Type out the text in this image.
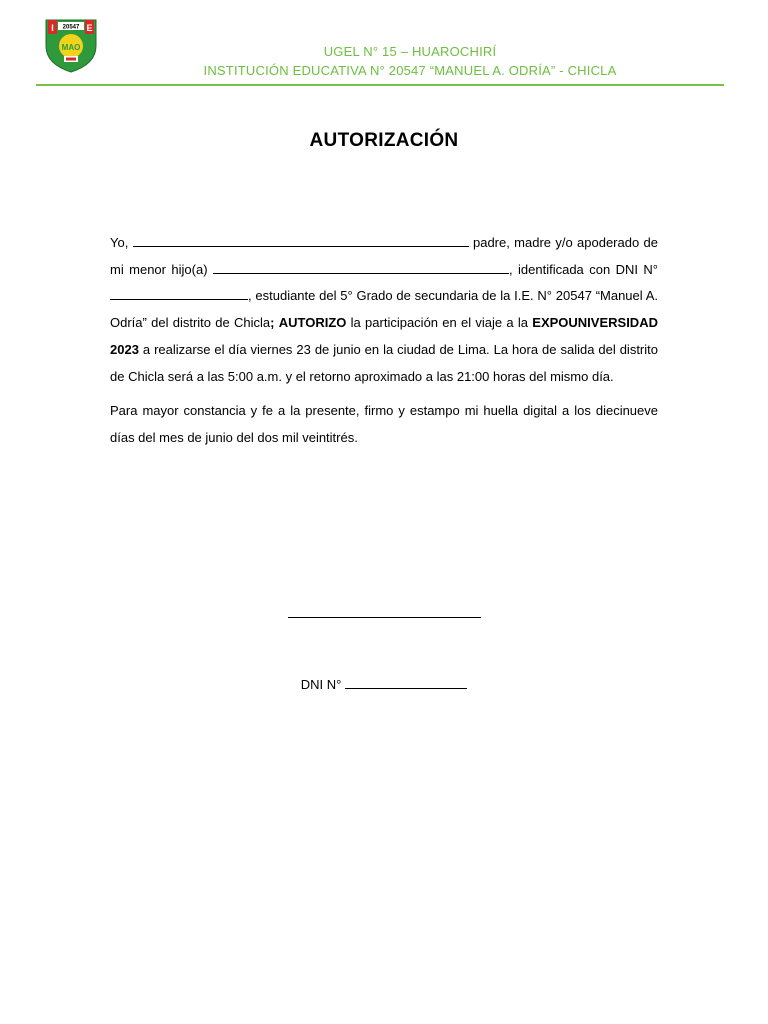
I	E
20547
MAO	UGEL N° 15 – HUAROCHIRÍ
INSTITUCIÓN EDUCATIVA N° 20547 “MANUEL A. ODRÍA” - CHICLA
AUTORIZACIÓN

Yo,	padre, madre y/o apoderado de mi menor hijo(a)	, identificada con DNI N° , estudiante del 5° Grado de secundaria de la I.E. N° 20547 “Manuel A. Odría” del distrito de Chicla; AUTORIZO la participación en el viaje a la EXPOUNIVERSIDAD 2023 a realizarse el día viernes 23 de junio en la ciudad de Lima. La hora de salida del distrito de Chicla será a las 5:00 a.m. y el retorno aproximado a las 21:00 horas del mismo día.

Para mayor constancia y fe a la presente, firmo y estampo mi huella digital a los diecinueve días del mes de junio del dos mil veintitrés.

DNI N°
